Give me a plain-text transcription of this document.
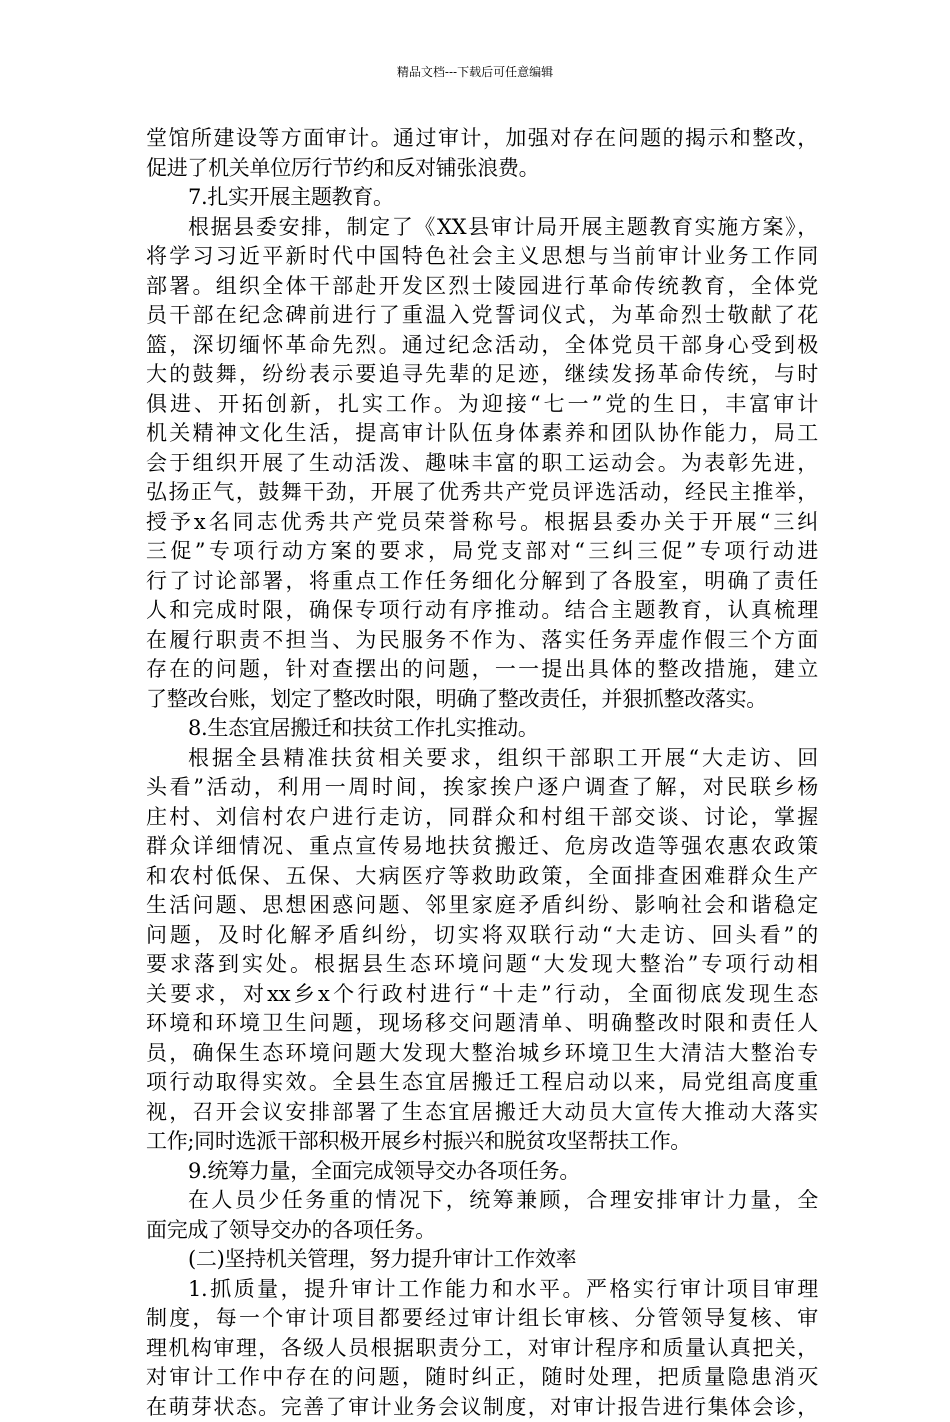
精品文档---下载后可任意编辑
堂馆所建设等方面审计。通过审计，加强对存在问题的揭示和整改，
促进了机关单位厉行节约和反对铺张浪费。
7.扎实开展主题教育。
根据县委安排，制定了《XX县审计局开展主题教育实施方案》，
将学习习近平新时代中国特色社会主义思想与当前审计业务工作同
部署。组织全体干部赴开发区烈士陵园进行革命传统教育，全体党
员干部在纪念碑前进行了重温入党誓词仪式，为革命烈士敬献了花
篮，深切缅怀革命先烈。通过纪念活动，全体党员干部身心受到极
大的鼓舞，纷纷表示要追寻先辈的足迹，继续发扬革命传统，与时
俱进、开拓创新，扎实工作。为迎接“七一”党的生日，丰富审计
机关精神文化生活，提高审计队伍身体素养和团队协作能力，局工
会于组织开展了生动活泼、趣味丰富的职工运动会。为表彰先进，
弘扬正气，鼓舞干劲，开展了优秀共产党员评选活动，经民主推举，
授予x名同志优秀共产党员荣誉称号。根据县委办关于开展“三纠
三促”专项行动方案的要求，局党支部对“三纠三促”专项行动进
行了讨论部署，将重点工作任务细化分解到了各股室，明确了责任
人和完成时限，确保专项行动有序推动。结合主题教育，认真梳理
在履行职责不担当、为民服务不作为、落实任务弄虚作假三个方面
存在的问题，针对查摆出的问题，一一提出具体的整改措施，建立
了整改台账，划定了整改时限，明确了整改责任，并狠抓整改落实。
8.生态宜居搬迁和扶贫工作扎实推动。
根据全县精准扶贫相关要求，组织干部职工开展“大走访、回
头看”活动，利用一周时间，挨家挨户逐户调查了解，对民联乡杨
庄村、刘信村农户进行走访，同群众和村组干部交谈、讨论，掌握
群众详细情况、重点宣传易地扶贫搬迁、危房改造等强农惠农政策
和农村低保、五保、大病医疗等救助政策，全面排查困难群众生产
生活问题、思想困惑问题、邻里家庭矛盾纠纷、影响社会和谐稳定
问题，及时化解矛盾纠纷，切实将双联行动“大走访、回头看”的
要求落到实处。根据县生态环境问题“大发现大整治”专项行动相
关要求，对xx乡x个行政村进行“十走”行动，全面彻底发现生态
环境和环境卫生问题，现场移交问题清单、明确整改时限和责任人
员，确保生态环境问题大发现大整治城乡环境卫生大清洁大整治专
项行动取得实效。全县生态宜居搬迁工程启动以来，局党组高度重
视，召开会议安排部署了生态宜居搬迁大动员大宣传大推动大落实
工作;同时选派干部积极开展乡村振兴和脱贫攻坚帮扶工作。
9.统筹力量，全面完成领导交办各项任务。
在人员少任务重的情况下，统筹兼顾，合理安排审计力量，全
面完成了领导交办的各项任务。
(二)坚持机关管理，努力提升审计工作效率
1.抓质量，提升审计工作能力和水平。严格实行审计项目审理
制度，每一个审计项目都要经过审计组长审核、分管领导复核、审
理机构审理，各级人员根据职责分工，对审计程序和质量认真把关，
对审计工作中存在的问题，随时纠正，随时处理，把质量隐患消灭
在萌芽状态。完善了审计业务会议制度，对审计报告进行集体会诊，
